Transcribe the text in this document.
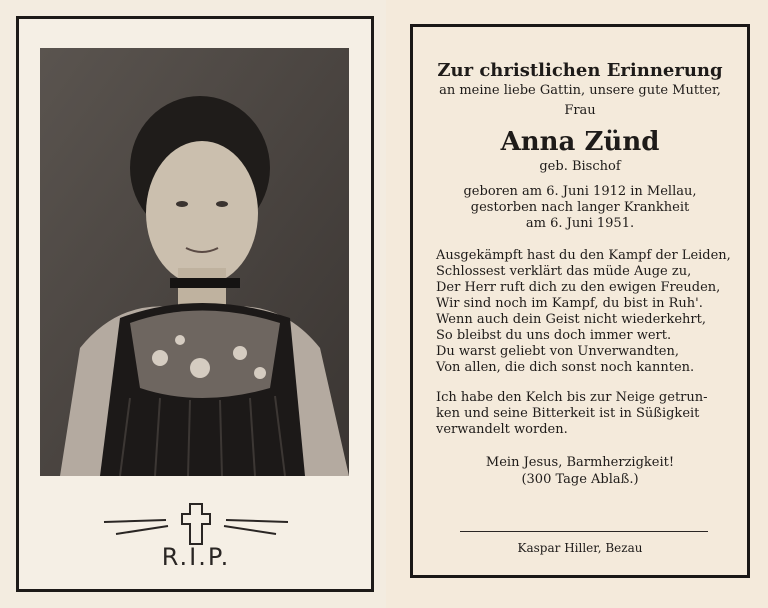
R.I.P.
Zur christlichen Erinnerung
an meine liebe Gattin, unsere gute Mutter,
Frau
Anna Zünd
geb. Bischof
geboren am 6. Juni 1912 in Mellau,
gestorben nach langer Krankheit
am 6. Juni 1951.
Ausgekämpft hast du den Kampf der Leiden,
Schlossest verklärt das müde Auge zu,
Der Herr ruft dich zu den ewigen Freuden,
Wir sind noch im Kampf, du bist in Ruh'.
Wenn auch dein Geist nicht wiederkehrt,
So bleibst du uns doch immer wert.
Du warst geliebt von Unverwandten,
Von allen, die dich sonst noch kannten.
Ich habe den Kelch bis zur Neige getrun-
ken und seine Bitterkeit ist in Süßigkeit
verwandelt worden.
Mein Jesus, Barmherzigkeit!
(300 Tage Ablaß.)
Kaspar Hiller, Bezau
